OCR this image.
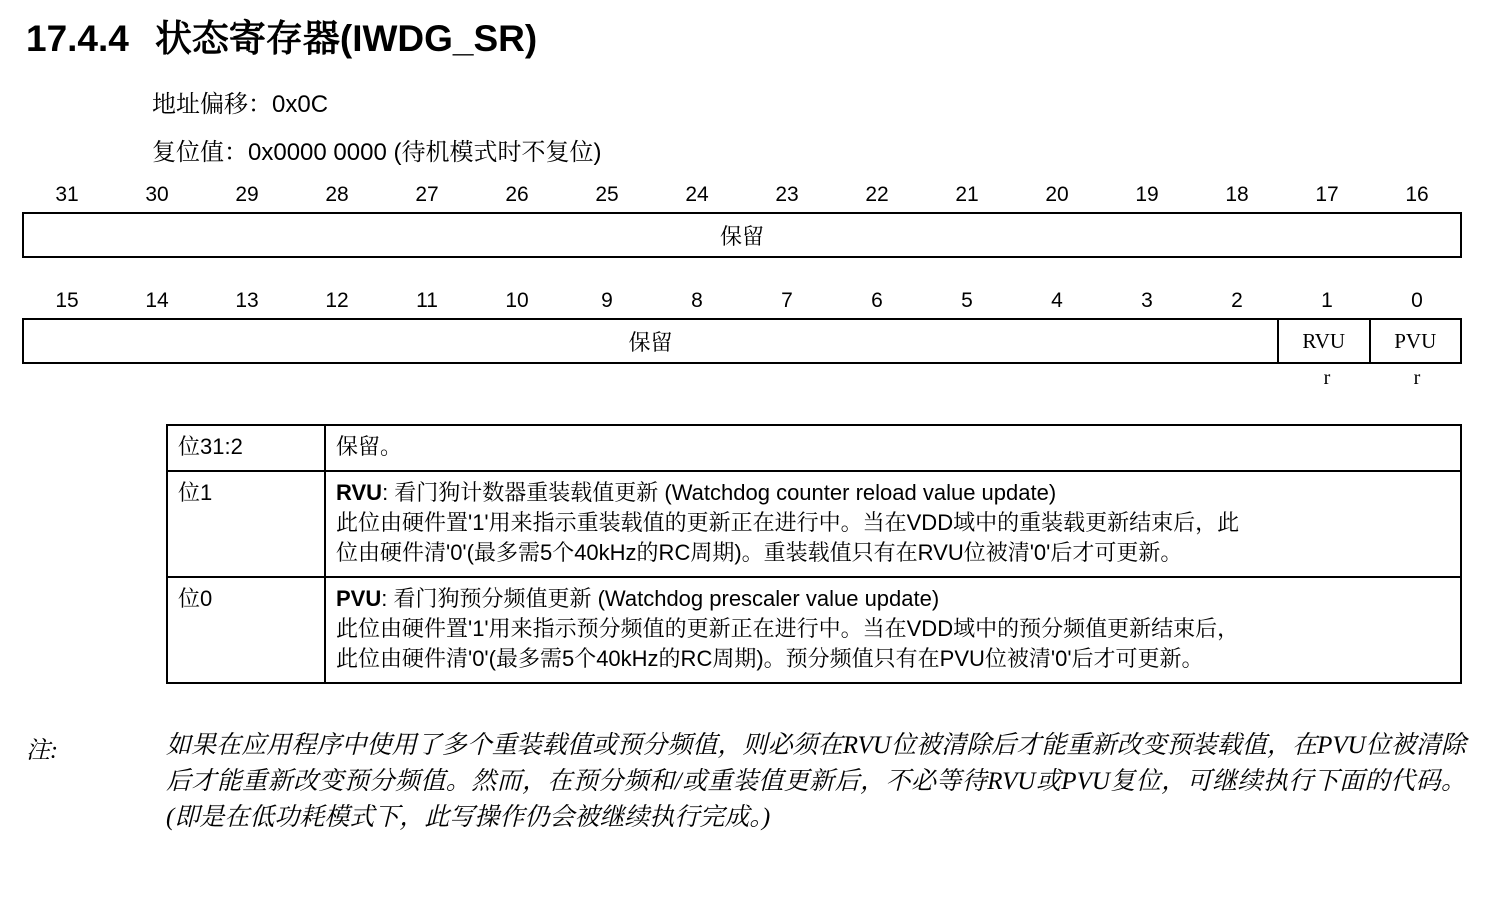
17.4.4 状态寄存器(IWDG_SR)
地址偏移：0x0C
复位值：0x0000 0000 (待机模式时不复位)
31	30	29	28	27	26	25	24	23	22	21	20	19	18	17	16
保留
15	14	13	12	11	10	9	8	7	6	5	4	3	2	1	0
保留	RVU	PVU
r	r
位31:2	保留。

位1	RVU: 看门狗计数器重装载值更新 (Watchdog counter reload value update)

此位由硬件置'1'用来指示重装载值的更新正在进行中。当在VDD域中的重装载更新结束后，此

位由硬件清'0'(最多需5个40kHz的RC周期)。重装载值只有在RVU位被清'0'后才可更新。

位0	PVU: 看门狗预分频值更新 (Watchdog prescaler value update)

此位由硬件置'1'用来指示预分频值的更新正在进行中。当在VDD域中的预分频值更新结束后，

此位由硬件清'0'(最多需5个40kHz的RC周期)。预分频值只有在PVU位被清'0'后才可更新。

注:	如果在应用程序中使用了多个重装载值或预分频值，则必须在RVU位被清除后才能重新改变预装载值，在PVU位被清除后才能重新改变预分频值。然而，在预分频和/或重装值更新后，不必等待RVU或PVU复位，可继续执行下面的代码。(即是在低功耗模式下，此写操作仍会被继续执行完成。)
